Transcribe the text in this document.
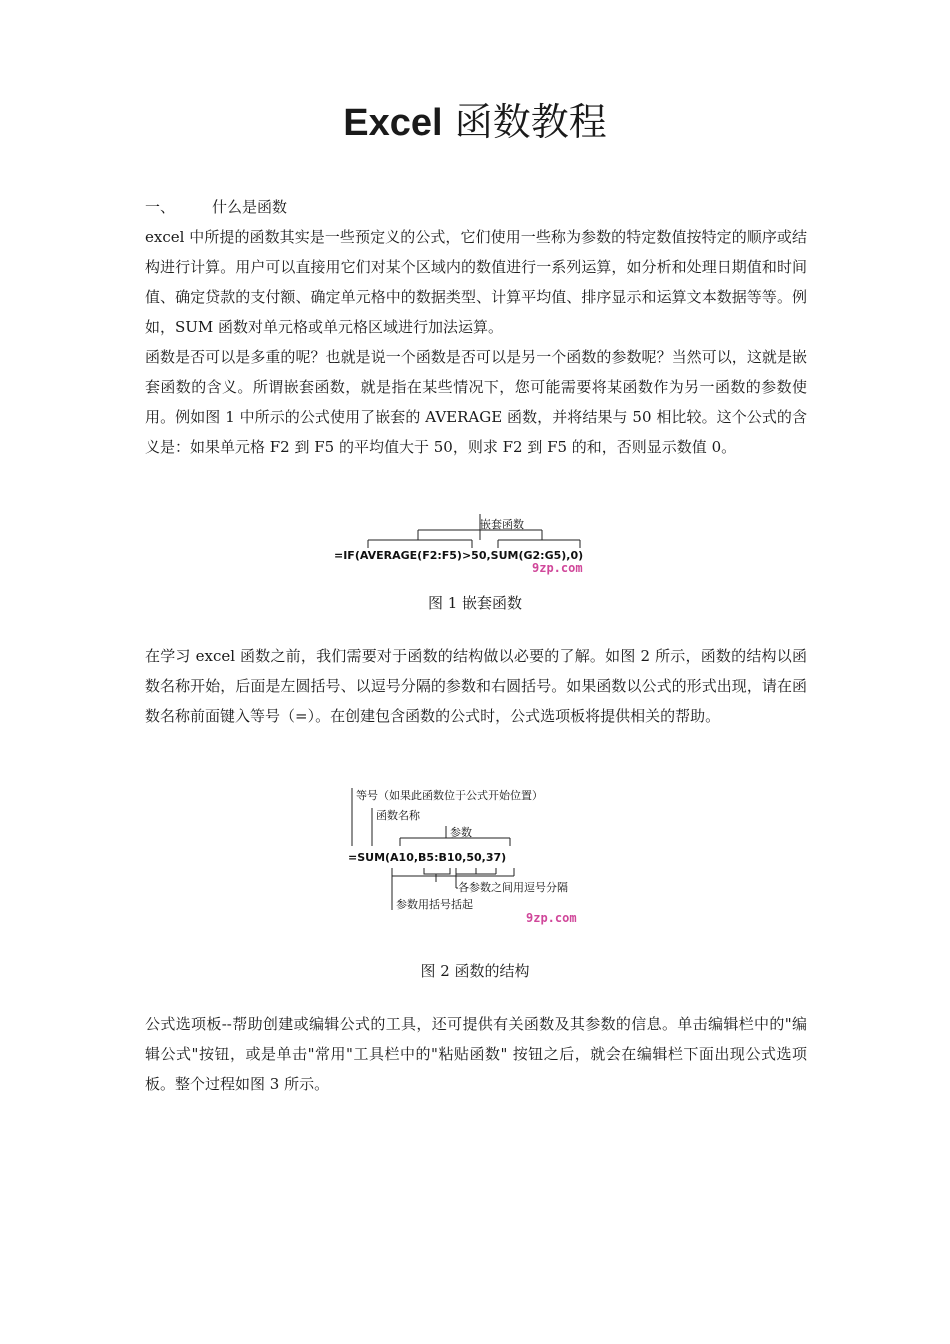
Excel 函数教程
一、 什么是函数

excel 中所提的函数其实是一些预定义的公式，它们使用一些称为参数的特定数值按特定的顺序或结构进行计算。用户可以直接用它们对某个区域内的数值进行一系列运算，如分析和处理日期值和时间值、确定贷款的支付额、确定单元格中的数据类型、计算平均值、排序显示和运算文本数据等等。例如，SUM 函数对单元格或单元格区域进行加法运算。

函数是否可以是多重的呢？也就是说一个函数是否可以是另一个函数的参数呢？当然可以，这就是嵌套函数的含义。所谓嵌套函数，就是指在某些情况下，您可能需要将某函数作为另一函数的参数使用。例如图 1 中所示的公式使用了嵌套的 AVERAGE 函数，并将结果与 50 相比较。这个公式的含义是：如果单元格 F2 到 F5 的平均值大于 50，则求 F2 到 F5 的和，否则显示数值 0。

嵌套函数
=IF(AVERAGE(F2:F5)>50,SUM(G2:G5),0)
9zp.com
图 1 嵌套函数

在学习 excel 函数之前，我们需要对于函数的结构做以必要的了解。如图 2 所示，函数的结构以函数名称开始，后面是左圆括号、以逗号分隔的参数和右圆括号。如果函数以公式的形式出现，请在函数名称前面键入等号（=）。在创建包含函数的公式时，公式选项板将提供相关的帮助。

等号（如果此函数位于公式开始位置）
函数名称
参数
=SUM(A10,B5:B10,50,37)
各参数之间用逗号分隔
参数用括号括起
9zp.com
图 2 函数的结构

公式选项板--帮助创建或编辑公式的工具，还可提供有关函数及其参数的信息。单击编辑栏中的"编辑公式"按钮，或是单击"常用"工具栏中的"粘贴函数" 按钮之后，就会在编辑栏下面出现公式选项板。整个过程如图 3 所示。
